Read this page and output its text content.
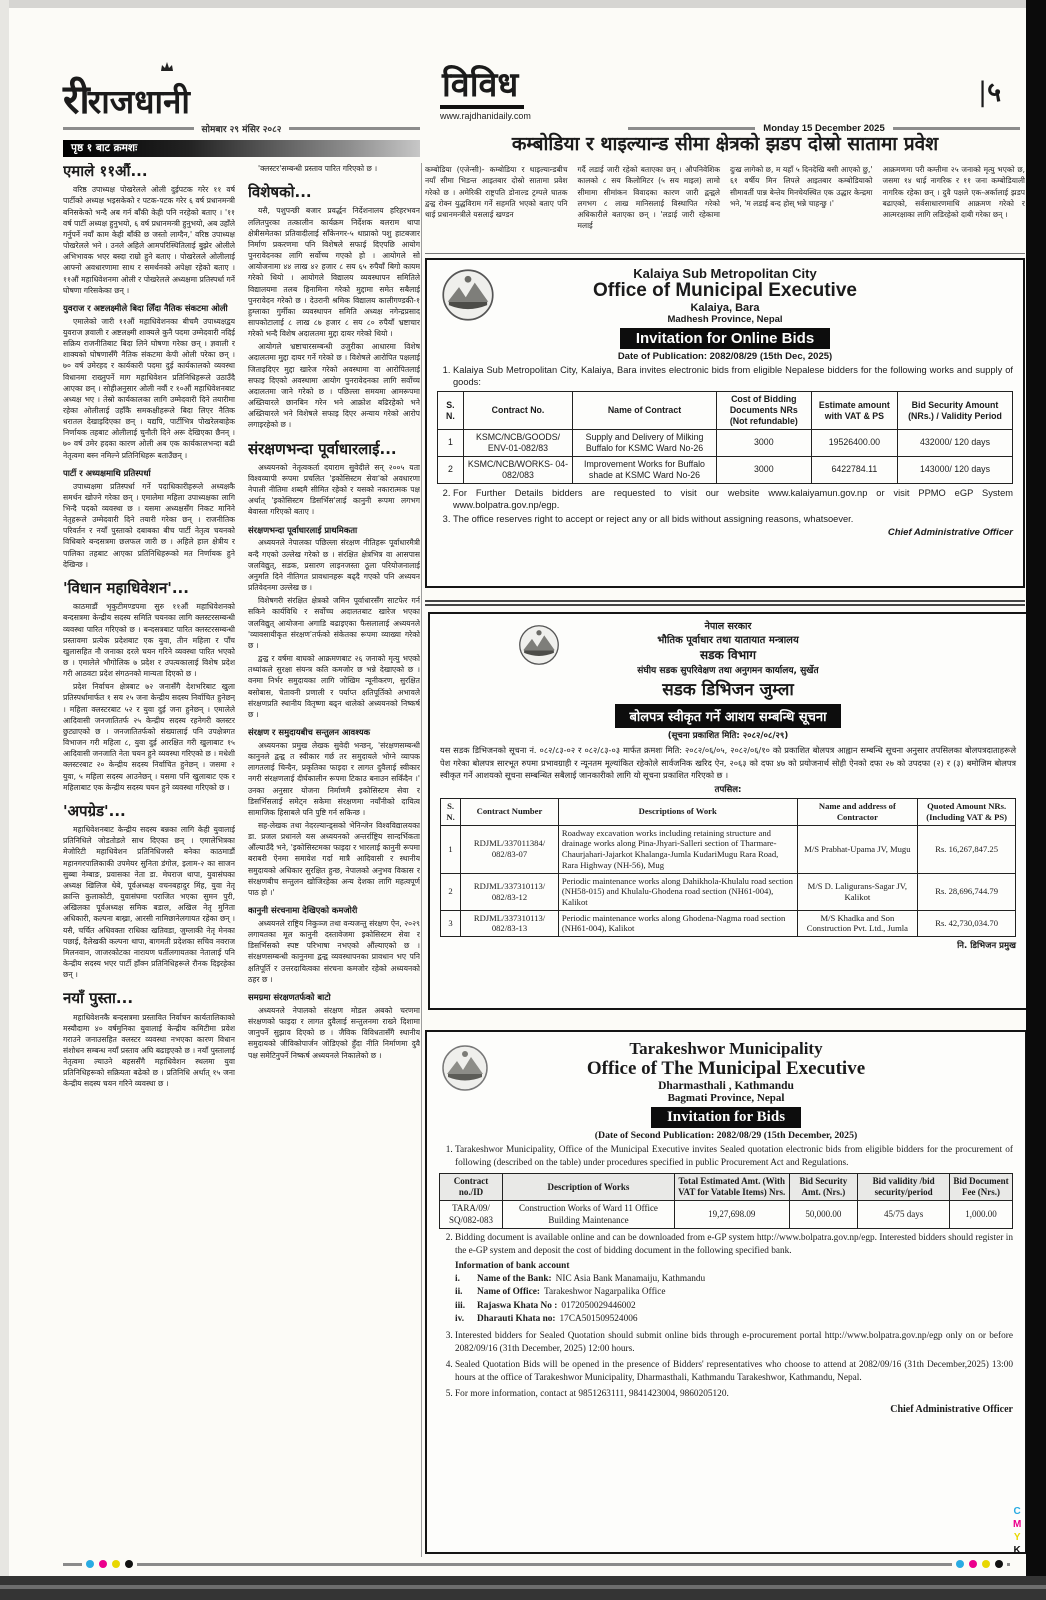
रीराजधानी
सोमबार २९ मंसिर २०८२
विविध
www.rajdhanidaily.com
Monday 15 December 2025
|५
पृष्ठ १ बाट क्रमशः	कम्बोडिया र थाइल्यान्ड सीमा क्षेत्रको झडप दोस्रो सातामा प्रवेश
कम्बोडिया (एजेन्सी)- कम्बोडिया र थाइल्यान्डबीच नयाँ सीमा भिडन्त आइतबार दोस्रो सातामा प्रवेश गरेको छ । अमेरिकी राष्ट्रपति डोनाल्ड ट्रम्पले घातक द्वन्द्व रोक्न युद्धविराम गर्ने सहमति भएको बताए पनि थाई प्रधानमन्त्रीले यसलाई खण्डन
गर्दै लडाई जारी रहेको बताएका छन् । औपनिवेशिक कालको ८ सय किलोमिटर (५ सय माइल) लामो सीमामा सीमांकन विवादका कारण जारी द्वन्द्वले लगभग ८ लाख मानिसलाई विस्थापित गरेको अधिकारीले बताएका छन् । 'लडाई जारी रहेकामा मलाई
दुःख लागेको छ, म यहाँ ५ दिनदेखि बसी आएको छु,' ६१ वर्षीय मिन लिपले आइतबार कम्बोडियाको सीमावर्ती पान्न बेन्तेय मिनचेयस्थित एक उद्धार केन्द्रमा भने, 'म लडाई बन्द होस् भन्ने चाहन्छु ।'
आक्रमणमा परी कम्तीमा २५ जनाको मृत्यु भएको छ, जसमा १४ थाई नागरिक र ११ जना कम्बोडियाली नागरिक रहेका छन् । दुवै पक्षले एक-अर्कालाई झडप बढाएको, सर्वसाधारणमाथि आक्रमण गरेको र आत्मरक्षाका लागि लडिरहेको दाबी गरेका छन् ।
एमाले ११औं...

वरिष्ठ उपाध्यक्ष पोखरेलले ओली दुईपटक गरेर ११ वर्ष पार्टीको अध्यक्ष भइसकेको र पटक-पटक गरेर ६ वर्ष प्रधानमन्त्री बनिसकेको भन्दै अब गर्न बाँकी केही पनि नरहेको बताए । '११ वर्ष पार्टी अध्यक्ष हुनुभयो, ६ वर्ष प्रधानमन्त्री हुनुभयो, अब उहाँले गर्नुपर्ने नयाँ काम केही बाँकी छ जस्तो लाग्दैन,' वरिष्ठ उपाध्यक्ष पोखरेलले भने । उनले अहिले आमपरिस्थितिलाई बुझेर ओलीले अभिभावक भएर बस्दा राम्रो हुने बताए । पोखरेलले ओलीलाई आफ्नो अवधारणामा साथ र समर्थनको अपेक्षा रहेको बताए । ११औं महाधिवेशनमा ओली र पोखरेलले अध्यक्षमा प्रतिस्पर्धा गर्ने घोषणा गरिसकेका छन् ।

युवराज र अष्टलक्ष्मीले बिदा लिँदा नैतिक संकटमा ओली

एमालेको जारी ११औं महाधिवेशनका बीचमै उपाध्यक्षद्वय युवराज ज्ञवाली र अष्टलक्ष्मी शाक्यले कुनै पदमा उम्मेदवारी नदिई सक्रिय राजनीतिबाट बिदा लिने घोषणा गरेका छन् । ज्ञवाली र शाक्यको घोषणासँगै नैतिक संकटमा केपी ओली परेका छन् । ७० वर्ष उमेरहद र कार्यकारी पदमा दुई कार्यकालको व्यवस्था विधानमा राख्नुपर्ने माग महाधिवेशन प्रतिनिधिहरूले उठाउँदै आएका छन् । सोहीअनुसार ओली नवौं र १०औं महाधिवेशनबाट अध्यक्ष भए । तेस्रो कार्यकालका लागि उम्मेदवारी दिने तयारीमा रहेका ओलीलाई उहाँकै समकक्षीहरूले बिदा लिएर नैतिक धरातल देखाइदिएका छन् । यद्यपि, पार्टीभित्र पोखरेलबाहेक निर्णायक तहबाट ओलीलाई चुनौती दिने अरू देखिएका छैनन् । ७० वर्ष उमेर हदका कारण ओली अब एक कार्यकालभन्दा बढी नेतृत्वमा बस्न नमिल्ने प्रतिनिधिहरू बताउँछन् ।

पार्टी र अध्यक्षमाथि प्रतिस्पर्धा

उपाध्यक्षमा प्रतिस्पर्धा गर्ने पदाधिकारीहरूले अध्यक्षकै समर्थन खोज्ने गरेका छन् । एमालेमा महिला उपाध्यक्षका लागि भिन्दै पदको व्यवस्था छ । यसमा अध्यक्षसँग निकट मानिने नेतृहरूले उम्मेदवारी दिने तयारी गरेका छन् । राजनीतिक परिवर्तन र नयाँ पुस्ताको दबाबका बीच पार्टी नेतृत्व चयनको विधिबारे बन्दसत्रमा छलफल जारी छ । अहिले हाल क्षेत्रीय र पालिका तहबाट आएका प्रतिनिधिहरूको मत निर्णायक हुने देखिन्छ ।

'विधान महाधिवेशन'...

काठमाडौं भृकुटीमण्डपमा सुरु ११औं महाधिवेशनको बन्दसत्रमा केन्द्रीय सदस्य समिति चयनका लागि क्लस्टरसम्बन्धी व्यवस्था पारित गरिएको छ । बन्दसत्रबाट पारित क्लस्टरसम्बन्धी प्रस्तावमा प्रत्येक प्रदेशबाट एक युवा, तीन महिला र पाँच खुलासहित नौ जनाका दरले चयन गरिने व्यवस्था पारित भएको छ । एमालेले भौगोलिक ७ प्रदेश र उपत्यकालाई विशेष प्रदेश गरी आठवटा प्रदेश संगठनको मान्यता दिएको छ ।

प्रदेश निर्वाचन क्षेत्रबाट ७२ जनासँगै देशभरिबाट खुला प्रतिस्पर्धामार्फत १ सय २५ जना केन्द्रीय सदस्य निर्वाचित हुनेछन् । महिला क्लस्टरबाट ५२ र युवा दुई जना हुनेछन् । एमालेले आदिवासी जनजातितर्फ २५ केन्द्रीय सदस्य रहनेगरी क्लस्टर छुट्याएको छ । जनजातितर्फको संख्यालाई पनि उपक्षेत्रगत विभाजन गरी महिला ८, युवा दुई आरक्षित गरी खुलाबाट १५ आदिवासी जनजाति नेता चयन हुने व्यवस्था गरिएको छ । मधेशी क्लस्टरबाट २० केन्द्रीय सदस्य निर्वाचित हुनेछन् । जसमा २ युवा, ५ महिला सदस्य आउनेछन् । यसमा पनि खुलाबाट एक र महिलाबाट एक केन्द्रीय सदस्य चयन हुने व्यवस्था गरिएको छ ।

'अपग्रेड'...

महाधिवेशनबाट केन्द्रीय सदस्य बन्नका लागि केही युवालाई प्रतिनिधिले जोडतोडले साथ दिएका छन् । एमालेभित्रका मेजोरिटी महाधिवेशन प्रतिनिधिजस्तै बनेका काठमाडौं महानगरपालिकाकी उपमेयर सुनिता डंगोल, इलाम-२ का साजन सुब्बा नेम्बाङ, प्रवासका नेता डा. मेघराज थापा, युवासंघका अध्यक्ष खिलिज थेबे, पूर्वअध्यक्ष वचनबहादुर मिंह, युवा नेतृ क्रान्ति कुलाकोटी, युवासंघमा पराजित भएका सुमन पुरी, अखिलका पूर्वअध्यक्ष समिक बडाल, अखिल नेतृ मुनिता अधिकारी, कल्पना बाख्रा, आरसी नामिछानेलगायत रहेका छन् । यसै, चर्चित अधिवक्ता राधिका खतिवडा, जुम्लाकी नेतृ मेनका पछाई, दैलेखकी कल्पना थापा, बागमती प्रदेशका सचिव नवराज मिलनवान, जाजरकोटका नारायण घर्तीलगायतका नेतालाई पनि केन्द्रीय सदस्य भएर पार्टी हाँक्न प्रतिनिधिहरूले रौनक दिइरहेका छन् ।

नयाँ पुस्ता...

महाधिवेशनकै बन्दसत्रमा प्रस्तावित निर्वाचन कार्यतालिकाको मस्यौदामा ४० वर्षमुनिका युवालाई केन्द्रीय कमिटीमा प्रवेश गराउने जनाउसहित क्लस्टर व्यवस्था नभएका कारण विधान संशोधन सम्बन्ध नयाँ प्रस्ताव अघि बढाइएको छ । नयाँ पुस्तालाई नेतृत्वमा ल्याउने बहससँगै महाधिवेशन स्थलमा युवा प्रतिनिधिहरूको सक्रियता बढेको छ । प्रतिनिधि अर्थात् १५ जना केन्द्रीय सदस्य चयन गरिने व्यवस्था छ ।

'क्लस्टर'सम्बन्धी प्रस्ताव पारित गरिएको छ ।

विशेषको...

यसै, पशुपन्छी बजार प्रवर्द्धन निर्देशनालय हरिहरभवन ललितपुरका तत्कालीन कार्यक्रम निर्देशक बलराम थापा क्षेत्रीसमेतका प्रतिवादीलाई साँकेनगर-५ थाप्राको पशु हाटबजार निर्माण प्रकरणमा पनि विशेषले सफाई दिएपछि आयोग पुनरावेदनका लागि सर्वोच्च गएको हो । आयोगले सो आयोजनामा ४४ लाख ४२ हजार ८ सय ६५ रुपैयाँ बिगो कायम गरेको थियो । आयोगले विद्यालय व्यवस्थापन समितिले विद्यालयमा तलब हिनामिना गरेको मुद्दामा समेत सबैलाई पुनरावेदन गरेको छ । देउरानी श्रमिक विद्यालय कालीगण्डकी-१ हुम्लाका गुर्मीका व्यवस्थापन समिति अध्यक्ष नगेन्द्रप्रसाद सापकोटालाई ८ लाख ८७ हजार ८ सय ८० रुपैयाँ भ्रष्टाचार गरेको भन्दै विशेष अदालतमा मुद्दा दायर गरेको थियो ।

आयोगले भ्रष्टाचारसम्बन्धी उजुरीका आधारमा विशेष अदालतमा मुद्दा दायर गर्ने गरेको छ । विशेषले आरोपित पक्षलाई जिताइदिएर मुद्दा खारेज गरेको अवस्थामा वा आरोपितलाई सफाइ दिएको अवस्थामा आयोग पुनरावेदनका लागि सर्वोच्च अदालतमा जाने गरेको छ । पछिल्ला समयमा आमरूपमा अख्तियारले छानबिन गरेन भने आक्रोश बढिरहेको भने अख्तियारले भने विशेषले सफाइ दिएर अन्याय गरेको आरोप लगाइरहेको छ ।

संरक्षणभन्दा पूर्वाधारलाई...

अध्ययनको नेतृत्वकर्ता दयाराम सुवेदीले सन् २००५ यता विश्वव्यापी रूपमा प्रचलित 'इकोसिस्टम सेवा'को अवधारणा नेपाली नीतिमा शब्दमै सीमित रहेको र यसको नकारात्मक पक्ष अर्थात् 'इकोसिस्टम डिसर्भिस'लाई कानुनी रूपमा लगभग बेवास्ता गरिएको बताए ।

संरक्षणभन्दा पूर्वाधारलाई प्राथमिकता

अध्ययनले नेपालका पछिल्ला संरक्षण नीतिहरू पूर्वाधारमैत्री बन्दै गएको उल्लेख गरेको छ । संरक्षित क्षेत्रभित्र वा आसपास जलविद्युत्, सडक, प्रसारण लाइनजस्ता ठूला परियोजनालाई अनुमति दिने नीतिगत प्रावधानहरू बढ्दै गएको पनि अध्ययन प्रतिवेदनमा उल्लेख छ ।

विशेषगरी संरक्षित क्षेत्रको जमिन पूर्वाधारसँग साटफेर गर्न सकिने कार्यविधि र सर्वोच्च अदालतबाट खारेज भएका जलविद्युत् आयोजना अगाडि बढाइएका फैसलालाई अध्ययनले 'व्यावसायीकृत संरक्षण'तर्फको संकेतका रूपमा व्याख्या गरेको छ ।

द्वन्द्व र वर्षमा बाघको आक्रमणबाट २६ जनाको मृत्यु भएको तथ्यांकले सुरक्षा संयन्त्र कति कमजोर छ भन्ने देखाएको छ । वनमा निर्भर समुदायका लागि जोखिम न्यूनीकरण, सुरक्षित बसोबास, चेतावनी प्रणाली र पर्याप्त क्षतिपूर्तिको अभावले संरक्षणप्रति स्थानीय वितृष्णा बढ्न थालेको अध्ययनको निष्कर्ष छ ।

संरक्षण र समुदायबीच सन्तुलन आवश्यक

अध्ययनका प्रमुख लेखक सुवेदी भन्छन्, 'संरक्षणसम्बन्धी कानुनले द्वन्द्व त स्वीकार गर्छ तर समुदायले भोग्ने व्यापक लागतलाई चिन्दैन, प्रकृतिका फाइदा र लागत दुवैलाई स्वीकार नगरी संरक्षणलाई दीर्घकालीन रूपमा टिकाउ बनाउन सकिँदैन ।' उनका अनुसार योजना निर्माणमै इकोसिस्टम सेवा र डिसर्भिसलाई समेट्न सकेमा संरक्षणमा नयाँनीको दायित्व सामाजिक हिसाबले पनि पुष्टि गर्न सकिन्छ ।

सह-लेखक तथा नेदरल्यान्ड्सको भेनिन्जेन विश्वविद्यालयका डा. प्रजल प्रधानले यस अध्ययनको अन्तर्राष्ट्रिय सान्दर्भिकता औंल्याउँदै भने, 'इकोसिस्टमका फाइदा र भारलाई कानुनी रूपमा बराबरी ऐनमा समावेश गर्दा मात्रै आदिवासी र स्थानीय समुदायको अधिकार सुरक्षित हुन्छ, नेपालको अनुभव विकास र संरक्षणबीच सन्तुलन खोजिरहेका अन्य देशका लागि महत्वपूर्ण पाठ हो ।'

कानुनी संरचनामा देखिएको कमजोरी

अध्ययनले राष्ट्रिय निकुञ्ज तथा वन्यजन्तु संरक्षण ऐन, २०२९ लगायतका मूल कानुनी दस्तावेजमा इकोसिस्टम सेवा र डिसर्भिसको स्पष्ट परिभाषा नभएको औंल्याएको छ । संरक्षणसम्बन्धी कानुनमा द्वन्द्व व्यवस्थापनका प्रावधान भए पनि क्षतिपूर्ति र उत्तरदायित्वका संरचना कमजोर रहेको अध्ययनको ठहर छ ।

समग्रमा संरक्षणतर्फको बाटो

अध्ययनले नेपालको संरक्षण मोडल अबको चरणमा संरक्षणको फाइदा र लागत दुवैलाई सन्तुलनमा राख्ने दिशामा जानुपर्ने सुझाव दिएको छ । जैविक विविधतासँगै स्थानीय समुदायको जीविकोपार्जन जोडिएको हुँदा नीति निर्माणमा दुवै पक्ष समेटिनुपर्ने निष्कर्ष अध्ययनले निकालेको छ ।

Kalaiya Sub Metropolitan City
Office of Municipal Executive
Kalaiya, Bara
Madhesh Province, Nepal
Invitation for Online Bids
Date of Publication: 2082/08/29 (15th Dec, 2025)
1. Kalaiya Sub Metropolitan City, Kalaiya, Bara invites electronic bids from eligible Nepalese bidders for the following works and supply of goods:
S. N.	Contract No.	Name of Contract	Cost of Bidding Documents NRs (Not refundable)	Estimate amount with VAT & PS	Bid Security Amount (NRs.) / Validity Period
1	KSMC/NCB/GOODS/ ENV-01-082/83	Supply and Delivery of Milking Buffalo for KSMC Ward No-26	3000	19526400.00	432000/ 120 days
2	KSMC/NCB/WORKS- 04-082/083	Improvement Works for Buffalo shade at KSMC Ward No-26	3000	6422784.11	143000/ 120 days
2. For Further Details bidders are requested to visit our website www.kalaiyamun.gov.np or visit PPMO eGP System www.bolpatra.gov.np/egp.
3. The office reserves right to accept or reject any or all bids without assigning reasons, whatsoever.
Chief Administrative Officer
नेपाल सरकार
भौतिक पूर्वाधार तथा यातायात मन्त्रालय
सडक विभाग
संघीय सडक सुपरिवेक्षण तथा अनुगमन कार्यालय, सुर्खेत
सडक डिभिजन जुम्ला
बोलपत्र स्वीकृत गर्ने आशय सम्बन्धि सूचना
(सूचना प्रकाशित मिति: २०८२/०८/२९)
यस सडक डिभिजनको सूचना नं. ०८२/८३-०२ र ०८२/८३-०३ मार्फत क्रमशः मिति: २०८२/०६/०५, २०८२/०६/१० को प्रकाशित बोलपत्र आह्वान सम्बन्धि सूचना अनुसार तपसिलका बोलपत्रदाताहरूले पेश गरेका बोलपत्र सारभूत रुपमा प्रभावग्राही र न्यूनतम मूल्यांकित रहेकोले सार्वजनिक खरिद ऐन, २०६३ को दफा ४७ को प्रयोजनार्थ सोही ऐनको दफा २७ को उपदफा (२) र (३) बमोजिम बोलपत्र स्वीकृत गर्ने आशयको सूचना सम्बन्धित सबैलाई जानकारीको लागि यो सूचना प्रकाशित गरिएको छ ।
तपसिल:
S. N.	Contract Number	Descriptions of Work	Name and address of Contractor	Quoted Amount NRs. (Including VAT & PS)
1	RDJML/337011384/ 082/83-07	Roadway excavation works including retaining structure and drainage works along Pina-Jhyari-Salleri section of Tharmare-Chaurjahari-Jajarkot Khalanga-Jumla KudariMugu Rara Road, Rara Highway (NH-56), Mug	M/S Prabhat-Upama JV, Mugu	Rs. 16,267,847.25
2	RDJML/337310113/ 082/83-12	Periodic maintenance works along Dahikhola-Khulalu road section (NH58-015) and Khulalu-Ghodena road section (NH61-004), Kalikot	M/S D. Laligurans-Sagar JV, Kalikot	Rs. 28,696,744.79
3	RDJML/337310113/ 082/83-13	Periodic maintenance works along Ghodena-Nagma road section (NH61-004), Kalikot	M/S Khadka and Son Construction Pvt. Ltd., Jumla	Rs. 42,730,034.70
नि. डिभिजन प्रमुख
Tarakeshwor Municipality
Office of The Municipal Executive
Dharmasthali , Kathmandu
Bagmati Province, Nepal
Invitation for Bids
(Date of Second Publication: 2082/08/29 (15th December, 2025)
1. Tarakeshwor Municipality, Office of the Municipal Executive invites Sealed quotation electronic bids from eligible bidders for the procurement of following (described on the table) under procedures specified in public Procurement Act and Regulations.
Contract no./ID	Description of Works	Total Estimated Amt. (With VAT for Vatable Items) Nrs.	Bid Security Amt. (Nrs.)	Bid validity /bid security/period	Bid Document Fee (Nrs.)
TARA/09/ SQ/082-083	Construction Works of Ward 11 Office Building Maintenance	19,27,698.09	50,000.00	45/75 days	1,000.00
2. Bidding document is available online and can be downloaded from e-GP system http://www.bolpatra.gov.np/egp. Interested bidders should register in the e-GP system and deposit the cost of bidding document in the following specified bank.
Information of bank account
i.	Name of the Bank: NIC Asia Bank Manamaiju, Kathmandu
ii.	Name of Office: Tarakeshwor Nagarpalika Office
iii.	Rajaswa Khata No : 0172050029446002
iv.	Dharauti Khata no: 17CA501509524006
3. Interested bidders for Sealed Quotation should submit online bids through e-procurement portal http://www.bolpatra.gov.np/egp only on or before 2082/09/16 (31th December, 2025) 12:00 hours.
4. Sealed Quotation Bids will be opened in the presence of Bidders' representatives who choose to attend at 2082/09/16 (31th December,2025) 13:00 hours at the office of Tarakeshwor Municipality, Dharmasthali, Kathmandu Tarakeshwor, Kathmandu, Nepal.
5. For more information, contact at 9851263111, 9841423004, 9860205120.
Chief Administrative Officer
C
M
Y
K
